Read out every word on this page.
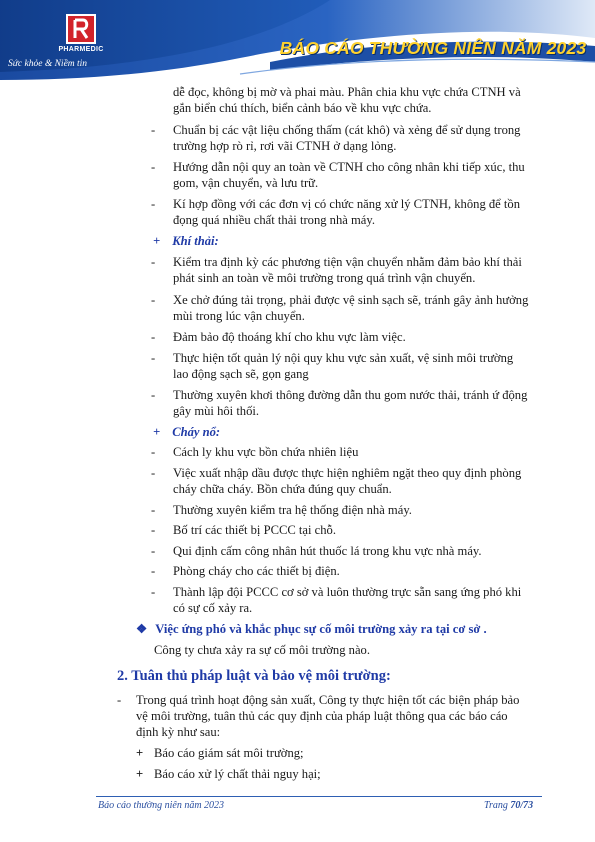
PHARMEDIC
Sức khỏe & Niềm tin
BÁO CÁO THƯỜNG NIÊN NĂM 2023
dễ đọc, không bị mờ và phai màu. Phân chia khu vực chứa CTNH và
gắn biển chú thích, biển cảnh báo về khu vực chứa.
- Chuẩn bị các vật liệu chống thấm (cát khô) và xẻng để sử dụng trong
trường hợp rò rỉ, rơi vãi CTNH ở dạng lỏng.
- Hướng dẫn nội quy an toàn về CTNH cho công nhân khi tiếp xúc, thu
gom, vận chuyển, và lưu trữ.
- Kí hợp đồng với các đơn vị có chức năng xử lý CTNH, không để tồn
đọng quá nhiều chất thải trong nhà máy.
+ Khí thải:
- Kiểm tra định kỳ các phương tiện vận chuyển nhằm đảm bảo khí thải
phát sinh an toàn về môi trường trong quá trình vận chuyển.
- Xe chở đúng tải trọng, phải được vệ sinh sạch sẽ, tránh gây ảnh hưởng
mùi trong lúc vận chuyển.
- Đảm bảo độ thoáng khí cho khu vực làm việc.
- Thực hiện tốt quản lý nội quy khu vực sản xuất, vệ sinh môi trường
lao động sạch sẽ, gọn gang
- Thường xuyên khơi thông đường dẫn thu gom nước thải, tránh ứ động
gây mùi hôi thối.
+ Cháy nổ:
- Cách ly khu vực bồn chứa nhiên liệu
- Việc xuất nhập dầu được thực hiện nghiêm ngặt theo quy định phòng
cháy chữa cháy. Bồn chứa đúng quy chuẩn.
- Thường xuyên kiểm tra hệ thống điện nhà máy.
- Bố trí các thiết bị PCCC tại chỗ.
- Qui định cấm công nhân hút thuốc lá trong khu vực nhà máy.
- Phòng cháy cho các thiết bị điện.
- Thành lập đội PCCC cơ sở và luôn thường trực sẵn sang ứng phó khi
có sự cố xảy ra.
❖ Việc ứng phó và khắc phục sự cố môi trường xảy ra tại cơ sở .
Công ty chưa xảy ra sự cố môi trường nào.
2. Tuân thủ pháp luật và bảo vệ môi trường:
- Trong quá trình hoạt động sản xuất, Công ty thực hiện tốt các biện pháp bảo
vệ môi trường, tuân thủ các quy định của pháp luật thông qua các báo cáo
định kỳ như sau:
+ Báo cáo giám sát môi trường;
+ Báo cáo xử lý chất thải nguy hại;
Báo cáo thường niên năm 2023	Trang 70/73
